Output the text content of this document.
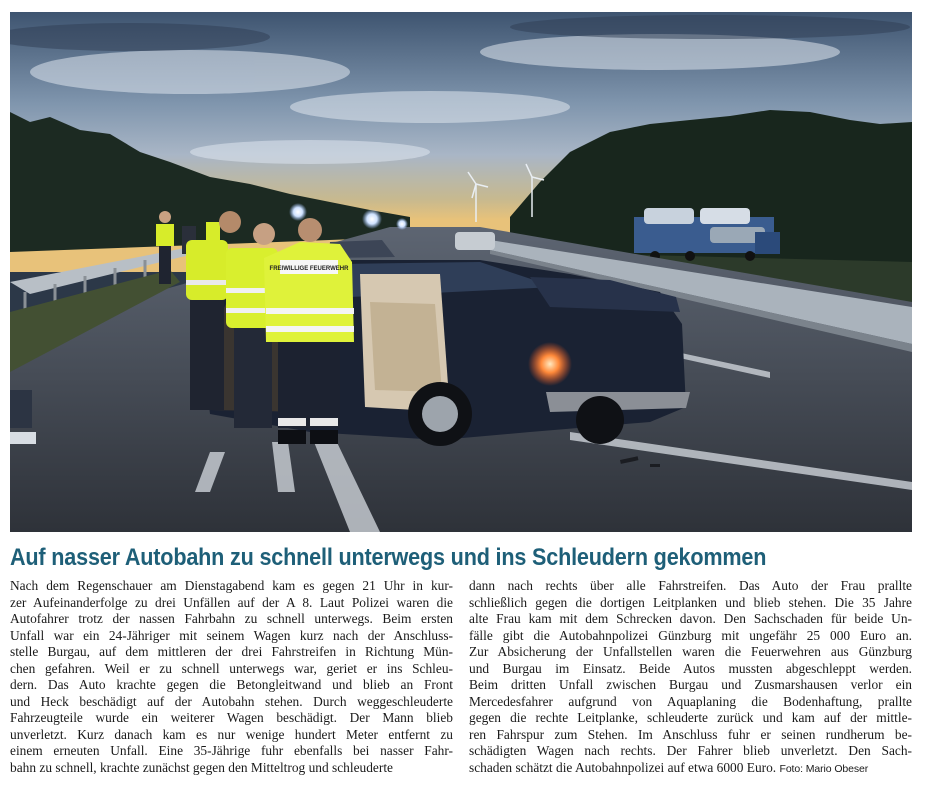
FREIWILLIGE FEUERWEHR
Auf nasser Autobahn zu schnell unterwegs und ins Schleudern gekommen
Nach dem Regenschauer am Dienstagabend kam es gegen 21 Uhr in kur-
zer Aufeinanderfolge zu drei Unfällen auf der A 8. Laut Polizei waren die
Autofahrer trotz der nassen Fahrbahn zu schnell unterwegs. Beim ersten
Unfall war ein 24-Jähriger mit seinem Wagen kurz nach der Anschluss-
stelle Burgau, auf dem mittleren der drei Fahrstreifen in Richtung Mün-
chen gefahren. Weil er zu schnell unterwegs war, geriet er ins Schleu-
dern. Das Auto krachte gegen die Betongleitwand und blieb an Front
und Heck beschädigt auf der Autobahn stehen. Durch weggeschleuderte
Fahrzeugteile wurde ein weiterer Wagen beschädigt. Der Mann blieb
unverletzt. Kurz danach kam es nur wenige hundert Meter entfernt zu
einem erneuten Unfall. Eine 35-Jährige fuhr ebenfalls bei nasser Fahr-
bahn zu schnell, krachte zunächst gegen den Mitteltrog und schleuderte
dann nach rechts über alle Fahrstreifen. Das Auto der Frau prallte
schließlich gegen die dortigen Leitplanken und blieb stehen. Die 35 Jahre
alte Frau kam mit dem Schrecken davon. Den Sachschaden für beide Un-
fälle gibt die Autobahnpolizei Günzburg mit ungefähr 25 000 Euro an.
Zur Absicherung der Unfallstellen waren die Feuerwehren aus Günzburg
und Burgau im Einsatz. Beide Autos mussten abgeschleppt werden.
Beim dritten Unfall zwischen Burgau und Zusmarshausen verlor ein
Mercedesfahrer aufgrund von Aquaplaning die Bodenhaftung, prallte
gegen die rechte Leitplanke, schleuderte zurück und kam auf der mittle-
ren Fahrspur zum Stehen. Im Anschluss fuhr er seinen rundherum be-
schädigten Wagen nach rechts. Der Fahrer blieb unverletzt. Den Sach-
schaden schätzt die Autobahnpolizei auf etwa 6000 Euro. Foto: Mario Obeser
